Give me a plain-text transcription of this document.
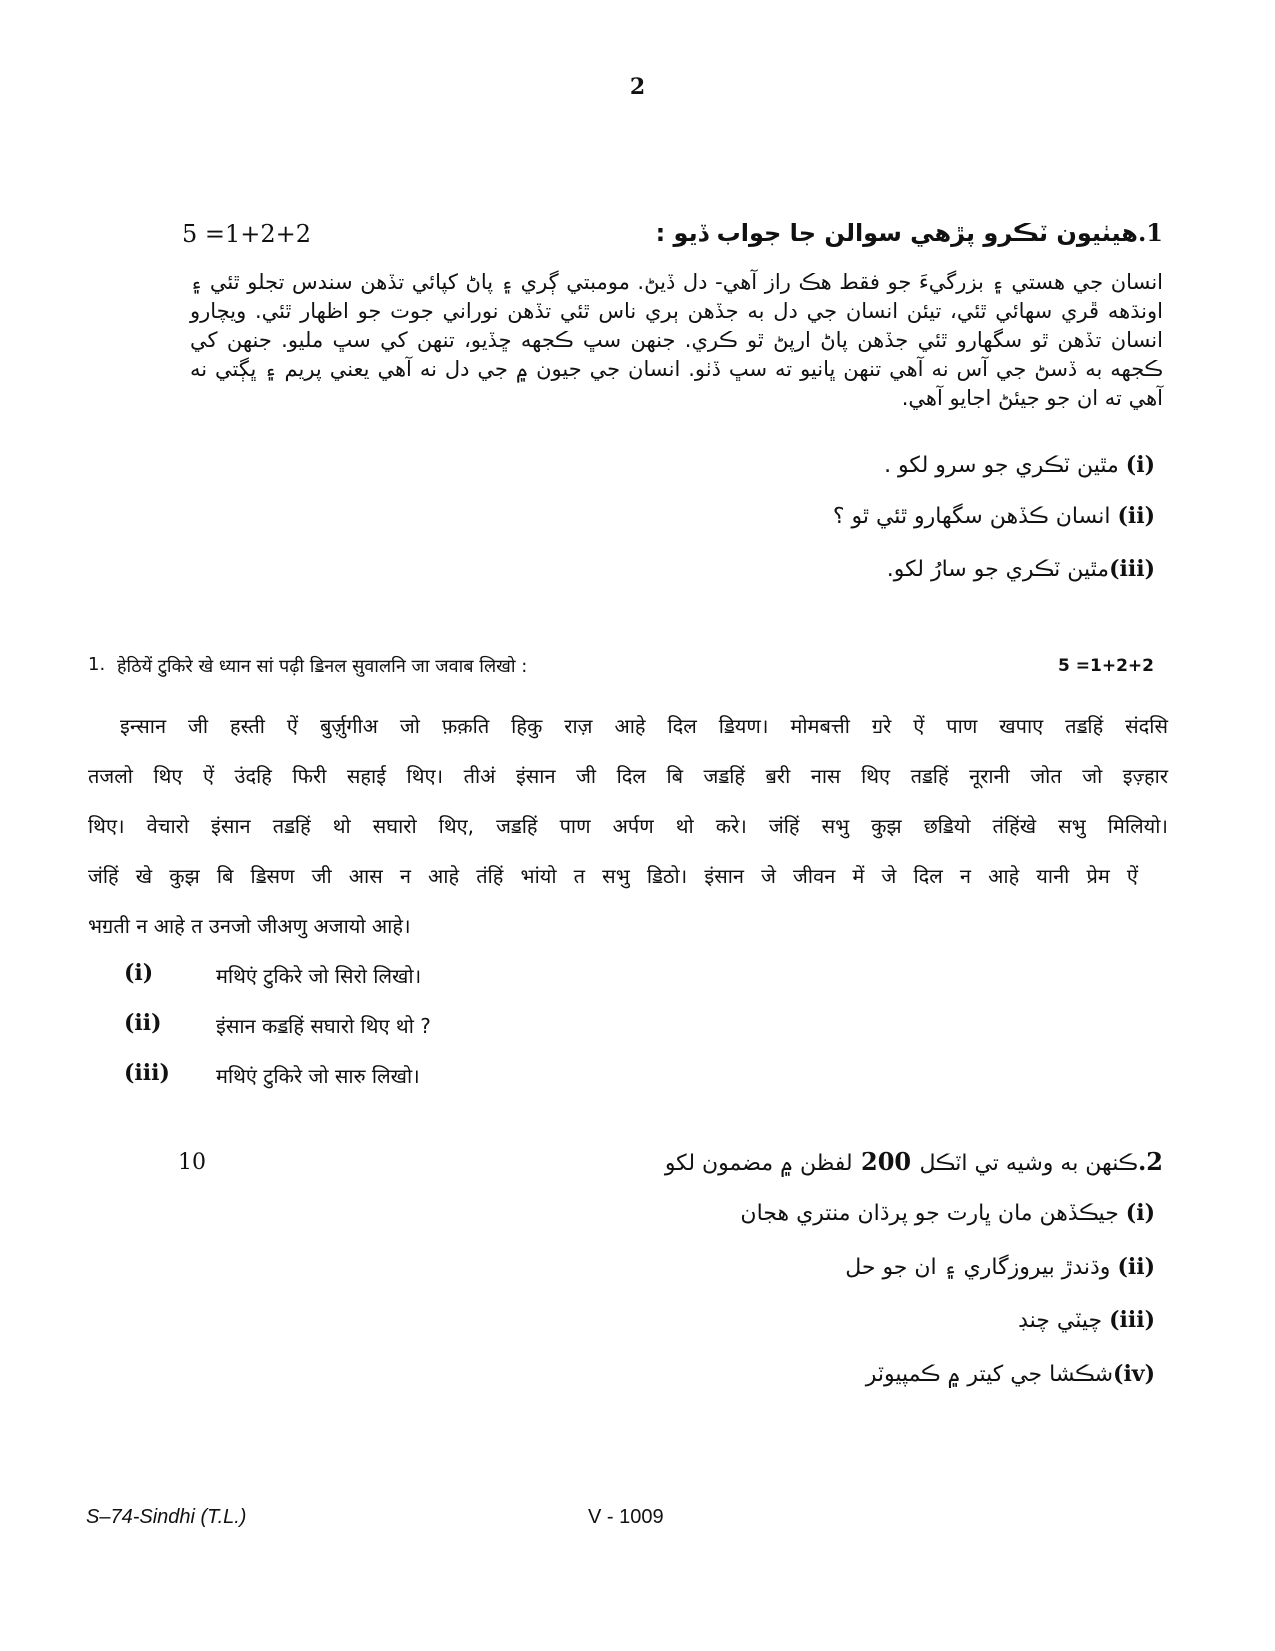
2
1.هيٺيون ٽڪرو پڙهي سوالن جا جواب ڏيو :
1+2+2= 5
انسان جي هستي ۽ بزرگيءَ جو فقط هڪ راز آهي- دل ڏيڻ. مومبتي ڳري ۽ پاڻ کپائي تڏهن سندس تجلو ٿئي ۽ اونڌهه ڦري سهائي ٿئي، تيئن انسان جي دل به جڏهن ٻري ناس ٿئي تڏهن نوراني جوت جو اظهار ٿئي. ويچارو انسان تڏهن ٿو سگهارو ٿئي جڏهن پاڻ ارپڻ ٿو ڪري. جنهن سڀ ڪجهه ڇڏيو، تنهن کي سڀ مليو. جنهن کي ڪجهه به ڏسڻ جي آس نه آهي تنهن ڀانيو ته سڀ ڏٺو. انسان جي جيون ۾ جي دل نه آهي يعني پريم ۽ ڀڳتي نه آهي ته ان جو جيئڻ اجايو آهي.
(i) مٿين ٽڪري جو سرو لکو .
(ii) انسان ڪڏهن سگهارو ٿئي ٿو ؟
(iii)مٿين ٽڪري جو سارُ لکو.
1. हेठियें टुकिरे खे ध्यान सां पढ़ी ॾिनल सुवालनि जा जवाब लिखो :	1+2+2= 5
इन्सान जी हस्ती ऐं बुर्ज़ुगीअ जो फ़क़ति हिकु राज़ आहे दिल ॾियण। मोमबत्ती ॻरे ऐं पाण खपाए तॾहिं संदसि
तजलो थिए ऐं उंदहि फिरी सहाई थिए। तीअं इंसान जी दिल बि जॾहिं ॿरी नास थिए तॾहिं नूरानी जोत जो इज़्हार
थिए। वेचारो इंसान तॾहिं थो सघारो थिए, जॾहिं पाण अर्पण थो करे। जंहिं सभु कुझ छॾियो तंहिंखे सभु मिलियो।
जंहिं खे कुझ बि ॾिसण जी आस न आहे तंहिं भांयो त सभु ॾिठो। इंसान जे जीवन में जे दिल न आहे यानी प्रेम ऐं
भॻती न आहे त उनजो जीअणु अजायो आहे।
(i)	मथिएं टुकिरे जो सिरो लिखो।
(ii)	इंसान कॾहिं सघारो थिए थो ?
(iii) मथिएं टुकिरे जो सारु लिखो।
2.ڪنهن به وشيه تي اٽڪل 200 لفظن ۾ مضمون لکو
10
(i) جيڪڏهن مان ڀارت جو پرڌان منتري هجان
(ii) وڌندڙ بيروزگاري ۽ ان جو حل
(iii) چيٽي چنڊ
(iv)شڪشا جي کيتر ۾ ڪمپيوٽر
S–74-Sindhi (T.L.)	V - 1009
